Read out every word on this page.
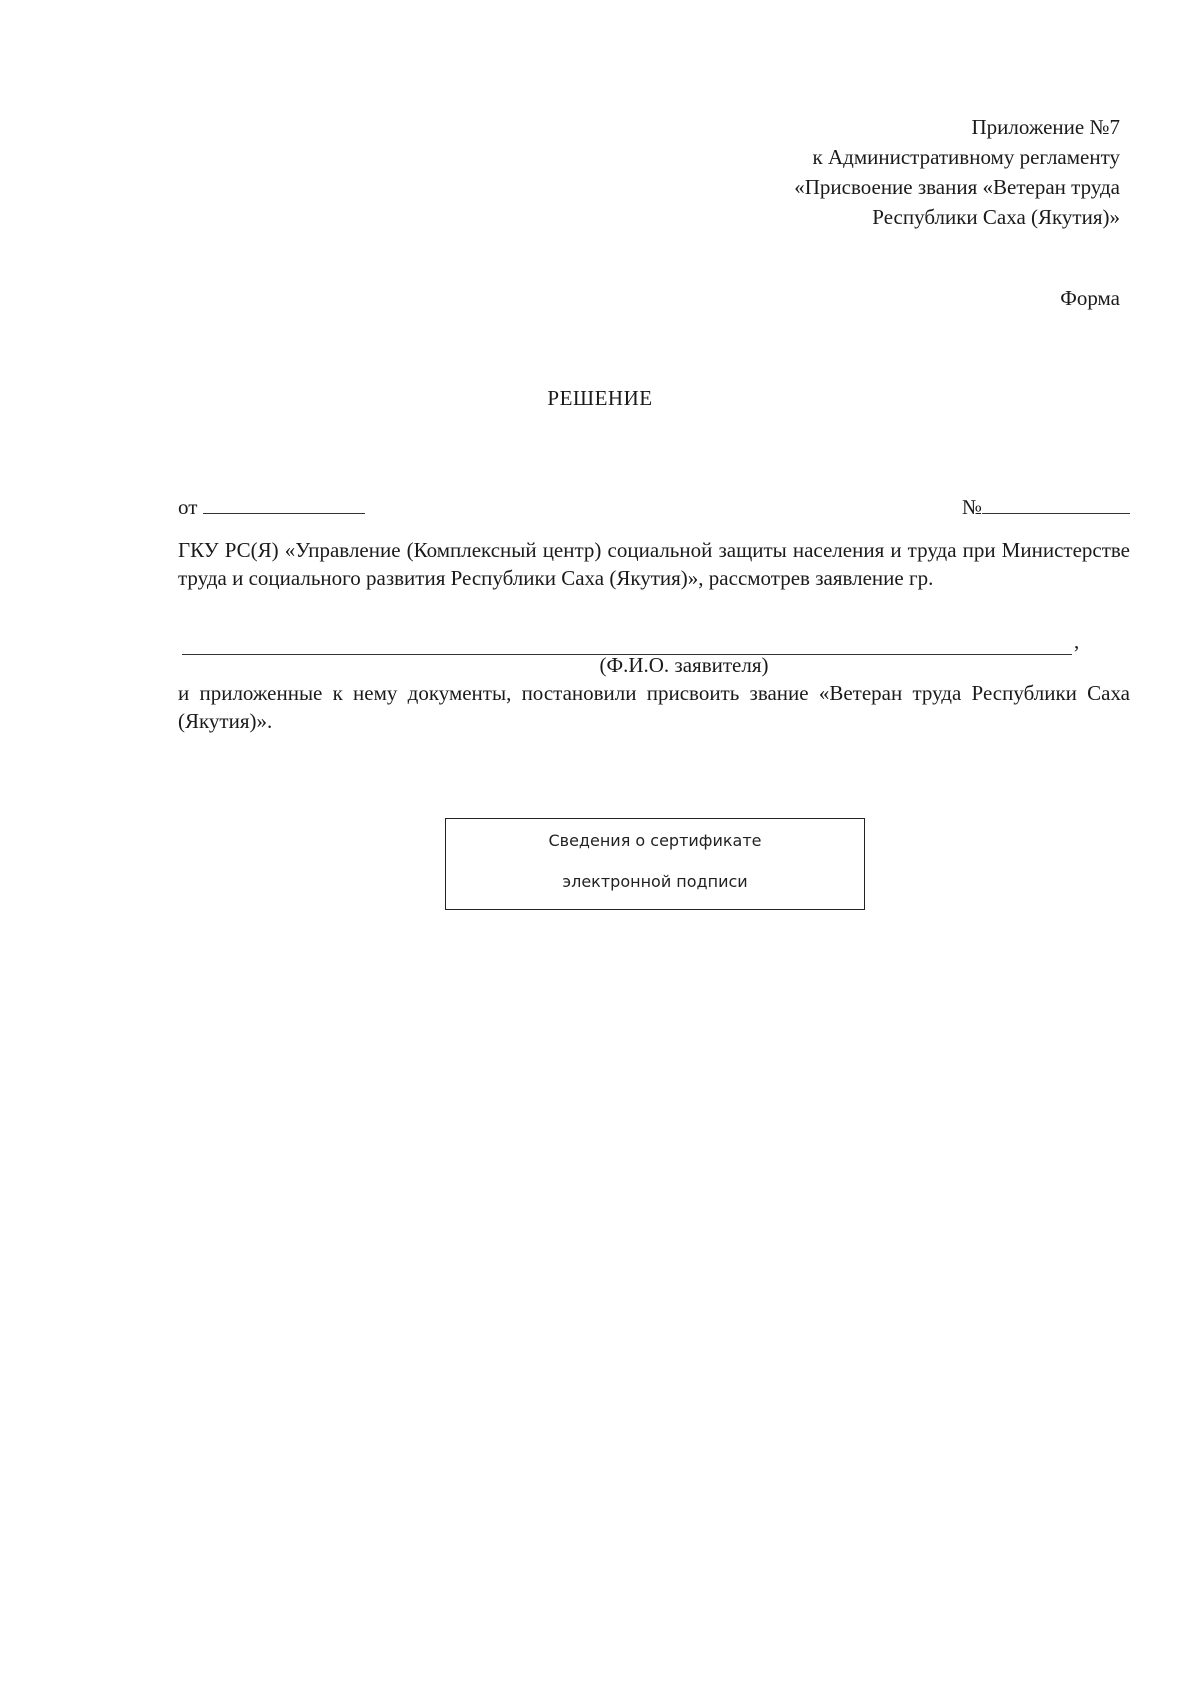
Приложение №7
к Административному регламенту
«Присвоение звания «Ветеран труда
Республики Саха (Якутия)»
Форма
РЕШЕНИЕ
от	№
ГКУ РС(Я) «Управление (Комплексный центр) социальной защиты населения и труда при Министерстве труда и социального развития Республики Саха (Якутия)», рассмотрев заявление гр.
,
(Ф.И.О. заявителя)
и приложенные к нему документы, постановили присвоить звание «Ветеран труда Республики Саха (Якутия)».
Сведения о сертификате
электронной подписи
